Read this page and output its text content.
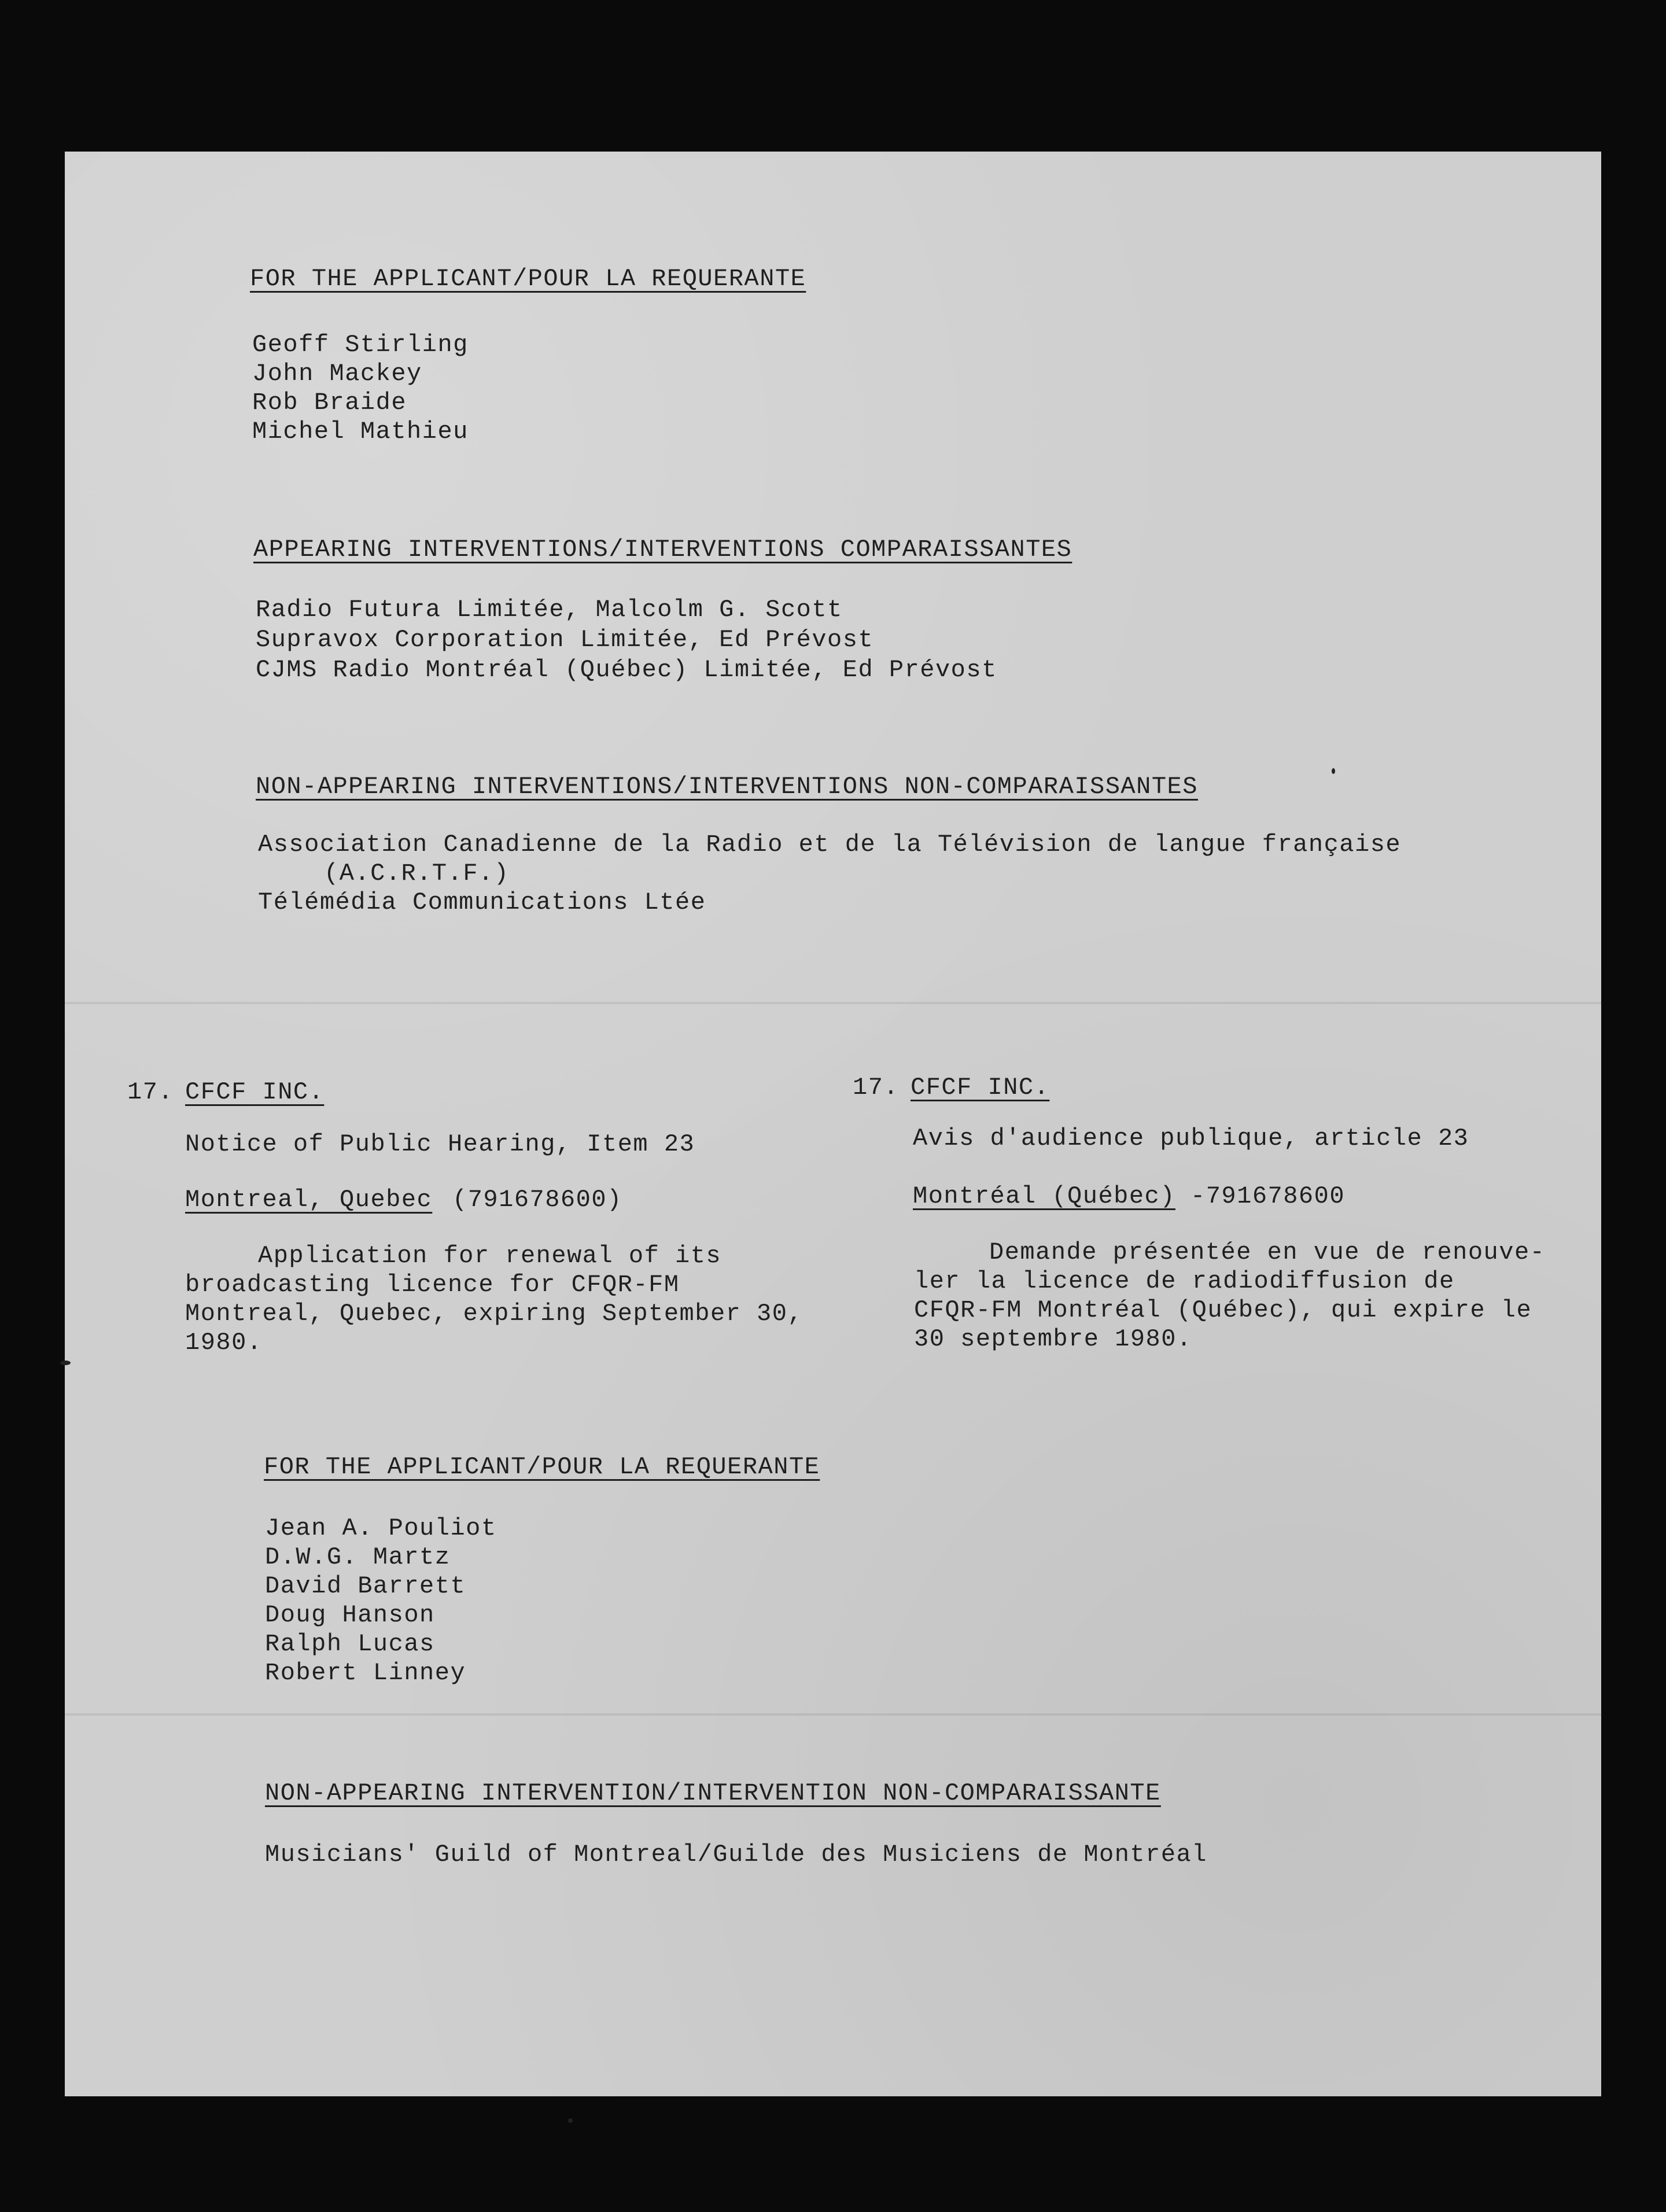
FOR THE APPLICANT/POUR LA REQUERANTE
Geoff Stirling
John Mackey
Rob Braide
Michel Mathieu
APPEARING INTERVENTIONS/INTERVENTIONS COMPARAISSANTES
Radio Futura Limitée, Malcolm G. Scott
Supravox Corporation Limitée, Ed Prévost
CJMS Radio Montréal (Québec) Limitée, Ed Prévost
NON-APPEARING INTERVENTIONS/INTERVENTIONS NON-COMPARAISSANTES
Association Canadienne de la Radio et de la Télévision de langue française
(A.C.R.T.F.)
Télémédia Communications Ltée
17. CFCF INC.
Notice of Public Hearing, Item 23
Montreal, Quebec (791678600)
Application for renewal of its
broadcasting licence for CFQR-FM
Montreal, Quebec, expiring September 30,
1980.
17. CFCF INC.
Avis d'audience publique, article 23
Montréal (Québec) -791678600
Demande présentée en vue de renouve-
ler la licence de radiodiffusion de
CFQR-FM Montréal (Québec), qui expire le
30 septembre 1980.
FOR THE APPLICANT/POUR LA REQUERANTE
Jean A. Pouliot
D.W.G. Martz
David Barrett
Doug Hanson
Ralph Lucas
Robert Linney
NON-APPEARING INTERVENTION/INTERVENTION NON-COMPARAISSANTE
Musicians' Guild of Montreal/Guilde des Musiciens de Montréal
